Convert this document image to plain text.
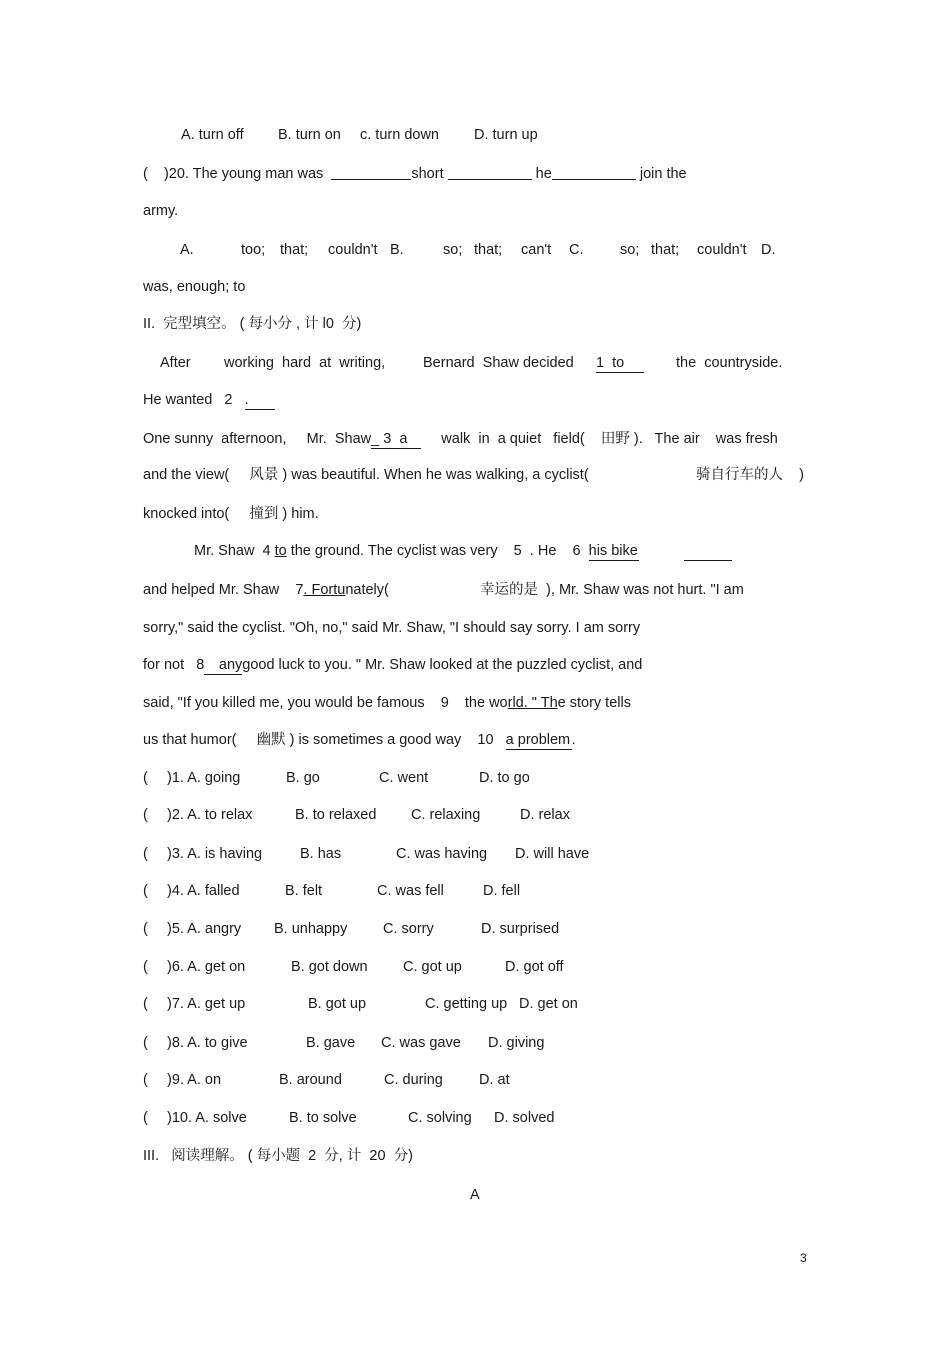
A. turn off

B. turn on

c. turn down

D. turn up

( )20. The young man was	short	he	join the
army.

A.

	too;

that;

couldn't

B.

	so;

that;

can't

C.

	so;

that;

couldn't

D.

was, enough; to
II.  完型填空。 ( 每小分 , 计 l0  分)

After

working  hard  at  writing,

	Bernard  Shaw decided

1  to

	the  countryside.

He wanted   2 .
One sunny  afternoon, Mr.  Shaw_ 3  a walk  in  a quiet   field(    田野 ).   The air    was fresh
and the view(     风景 ) was beautiful. When he was walking, a cyclist(	骑自行车的人    )
knocked into(     撞到 ) him.
Mr. Shaw  4 to the ground. The cyclist was very    5  . He    6 his bike
and helped Mr. Shaw    7. Fortunately(	幸运的是  ), Mr. Shaw was not hurt. "I am
sorry," said the cyclist. "Oh, no," said Mr. Shaw, "I should say sorry. I am sorry
for not   8 anygood luck to you. " Mr. Shaw looked at the puzzled cyclist, and
said, "If you killed me, you would be famous    9    the world. " The story tells
us that humor(     幽默 ) is sometimes a good way    10 a problem .
( )1. A. going	B. go	C. went	D. to go
( )2. A. to relax	B. to relaxed C. relaxing	D. relax
( )3. A. is having	B. has	C. was having D. will have
( )4. A. falled	B. felt	C. was fell	D. fell
( )5. A. angry B. unhappy C. sorry	D. surprised
( )6. A. get on	B. got down C. got up	D. got off
( )7. A. get up	B. got up	C. getting up D. get on
( )8. A. to give	B. gave C. was gave D. giving
( )9. A. on	B. around	C. during D. at
( )10. A. solve	B. to solve	C. solving D. solved
III.   阅读理解。 ( 每小题  2  分, 计  20  分)
A
3
